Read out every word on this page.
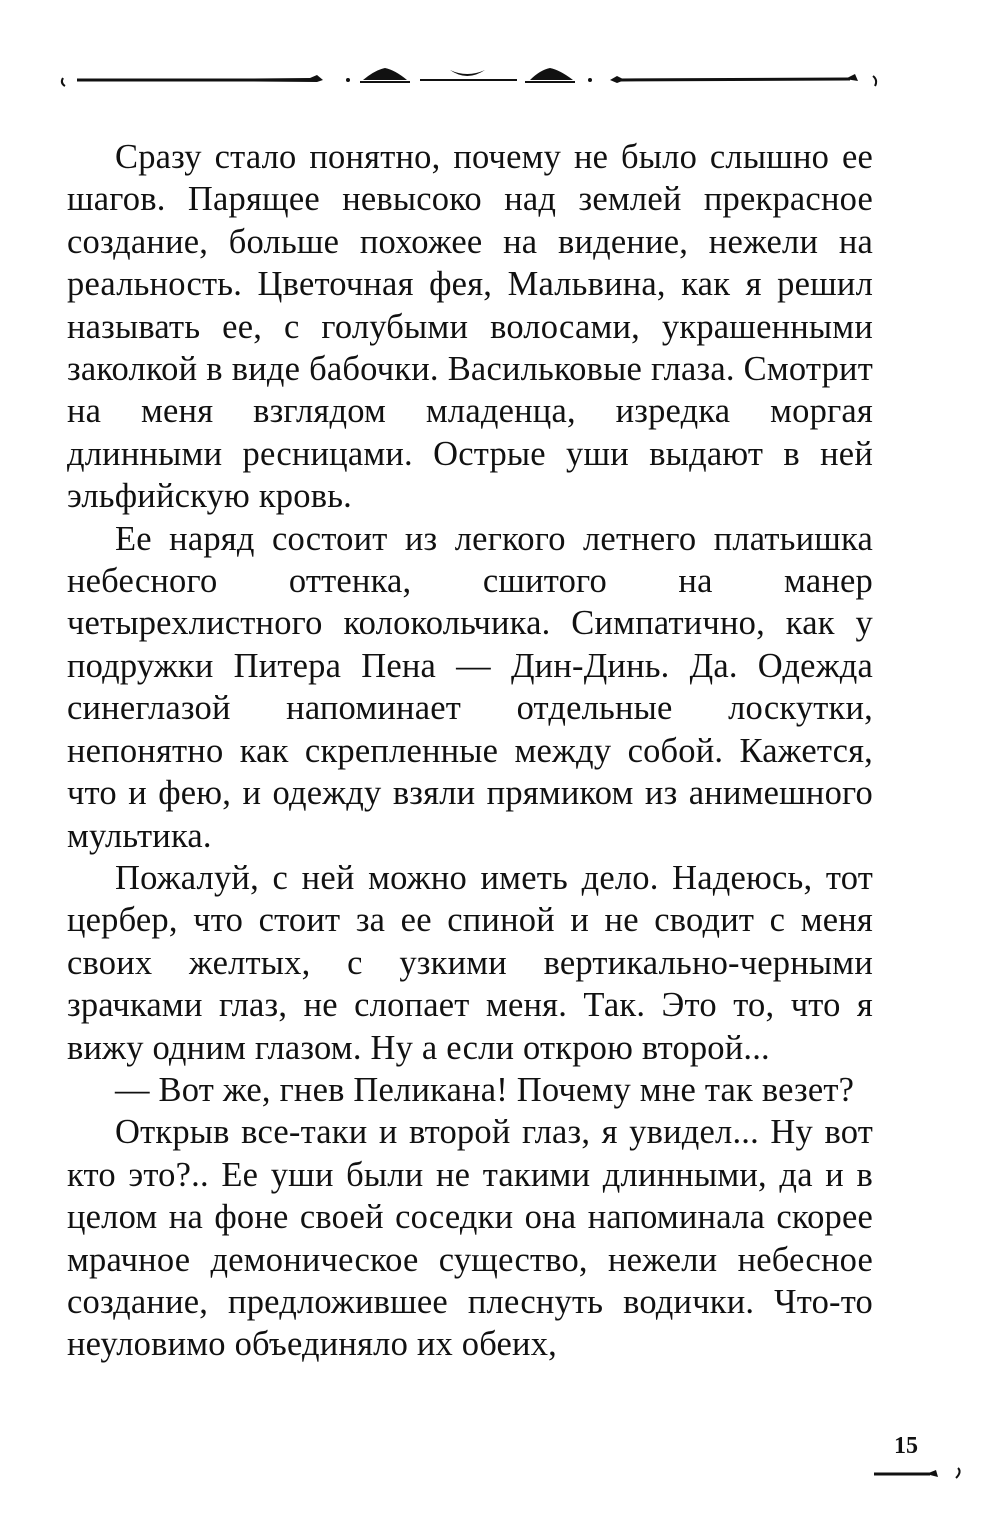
Сразу стало понятно, почему не было слышно ее шагов. Парящее невысоко над землей прекрасное создание, больше похожее на видение, нежели на реальность. Цветочная фея, Мальвина, как я решил называть ее, с голубыми волосами, украшенными заколкой в виде бабочки. Васильковые глаза. Смотрит на меня взглядом младенца, изредка моргая длинными ресницами. Острые уши выдают в ней эльфийскую кровь.

Ее наряд состоит из легкого летнего платьишка небесного оттенка, сшитого на манер четырехлистного колокольчика. Симпатично, как у подружки Питера Пена — Дин-Динь. Да. Одежда синеглазой напоминает отдельные лоскутки, непонятно как скрепленные между собой. Кажется, что и фею, и одежду взяли прямиком из анимешного мультика.

Пожалуй, с ней можно иметь дело. Надеюсь, тот цербер, что стоит за ее спиной и не сводит с меня своих желтых, с узкими вертикально-черными зрачками глаз, не слопает меня. Так. Это то, что я вижу одним глазом. Ну а если открою второй...

— Вот же, гнев Пеликана! Почему мне так везет?

Открыв все-таки и второй глаз, я увидел... Ну вот кто это?.. Ее уши были не такими длинными, да и в целом на фоне своей соседки она напоминала скорее мрачное демоническое существо, нежели небесное создание, предложившее плеснуть водички. Что-то неуловимо объединяло их обеих,

15
